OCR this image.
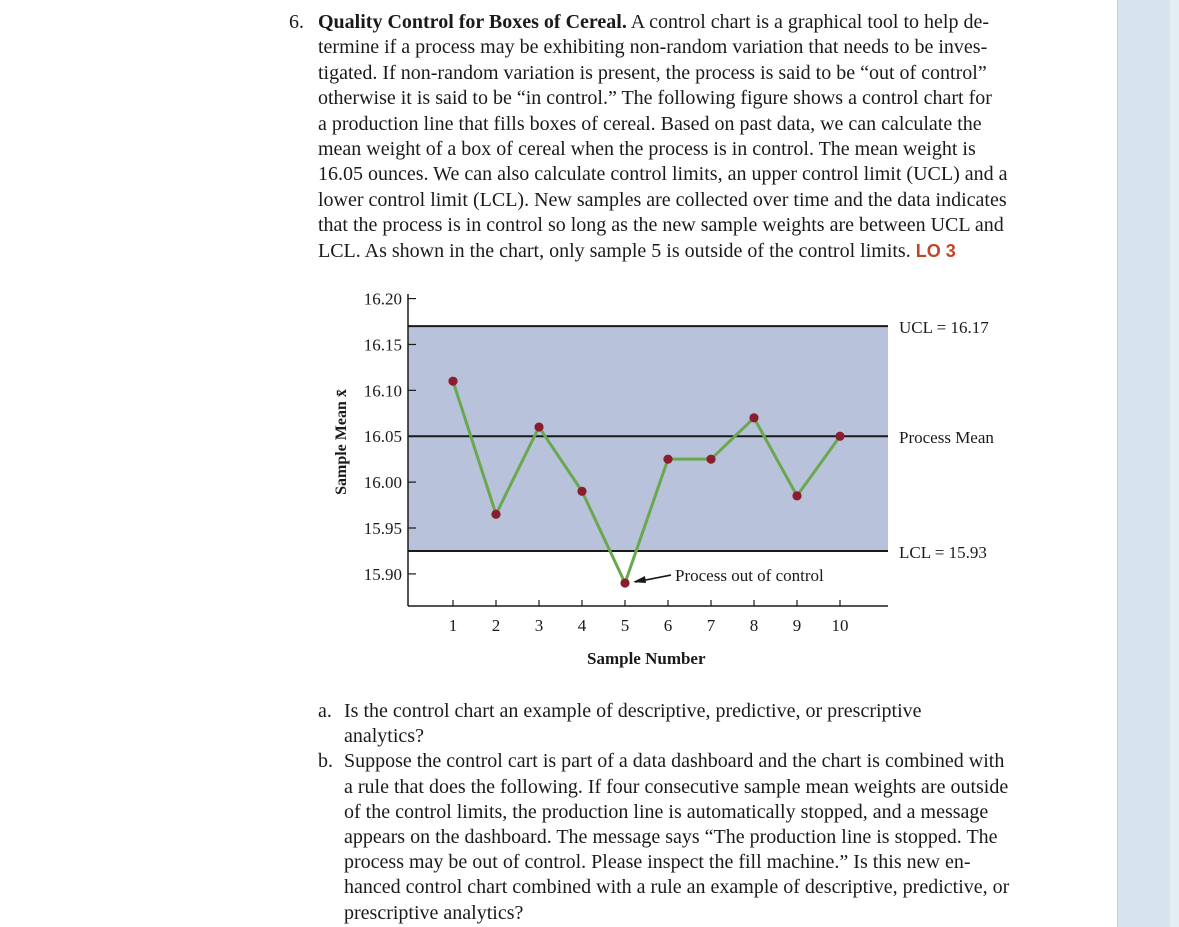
6. Quality Control for Boxes of Cereal. A control chart is a graphical tool to help de-
termine if a process may be exhibiting non-random variation that needs to be inves-
tigated. If non-random variation is present, the process is said to be “out of control”
otherwise it is said to be “in control.” The following figure shows a control chart for
a production line that fills boxes of cereal. Based on past data, we can calculate the
mean weight of a box of cereal when the process is in control. The mean weight is
16.05 ounces. We can also calculate control limits, an upper control limit (UCL) and a
lower control limit (LCL). New samples are collected over time and the data indicates
that the process is in control so long as the new sample weights are between UCL and
LCL. As shown in the chart, only sample 5 is outside of the control limits. LO 3
16.20
16.15
16.10
16.05
16.00
15.95
15.90
1 2 3 4 5 6 7 8 9 10
UCL = 16.17
Process Mean
LCL = 15.93
Process out of control
Sample Number
Sample Mean x̄
a. Is the control chart an example of descriptive, predictive, or prescriptive
analytics?
b. Suppose the control cart is part of a data dashboard and the chart is combined with
a rule that does the following. If four consecutive sample mean weights are outside
of the control limits, the production line is automatically stopped, and a message
appears on the dashboard. The message says “The production line is stopped. The
process may be out of control. Please inspect the fill machine.” Is this new en-
hanced control chart combined with a rule an example of descriptive, predictive, or
prescriptive analytics?
